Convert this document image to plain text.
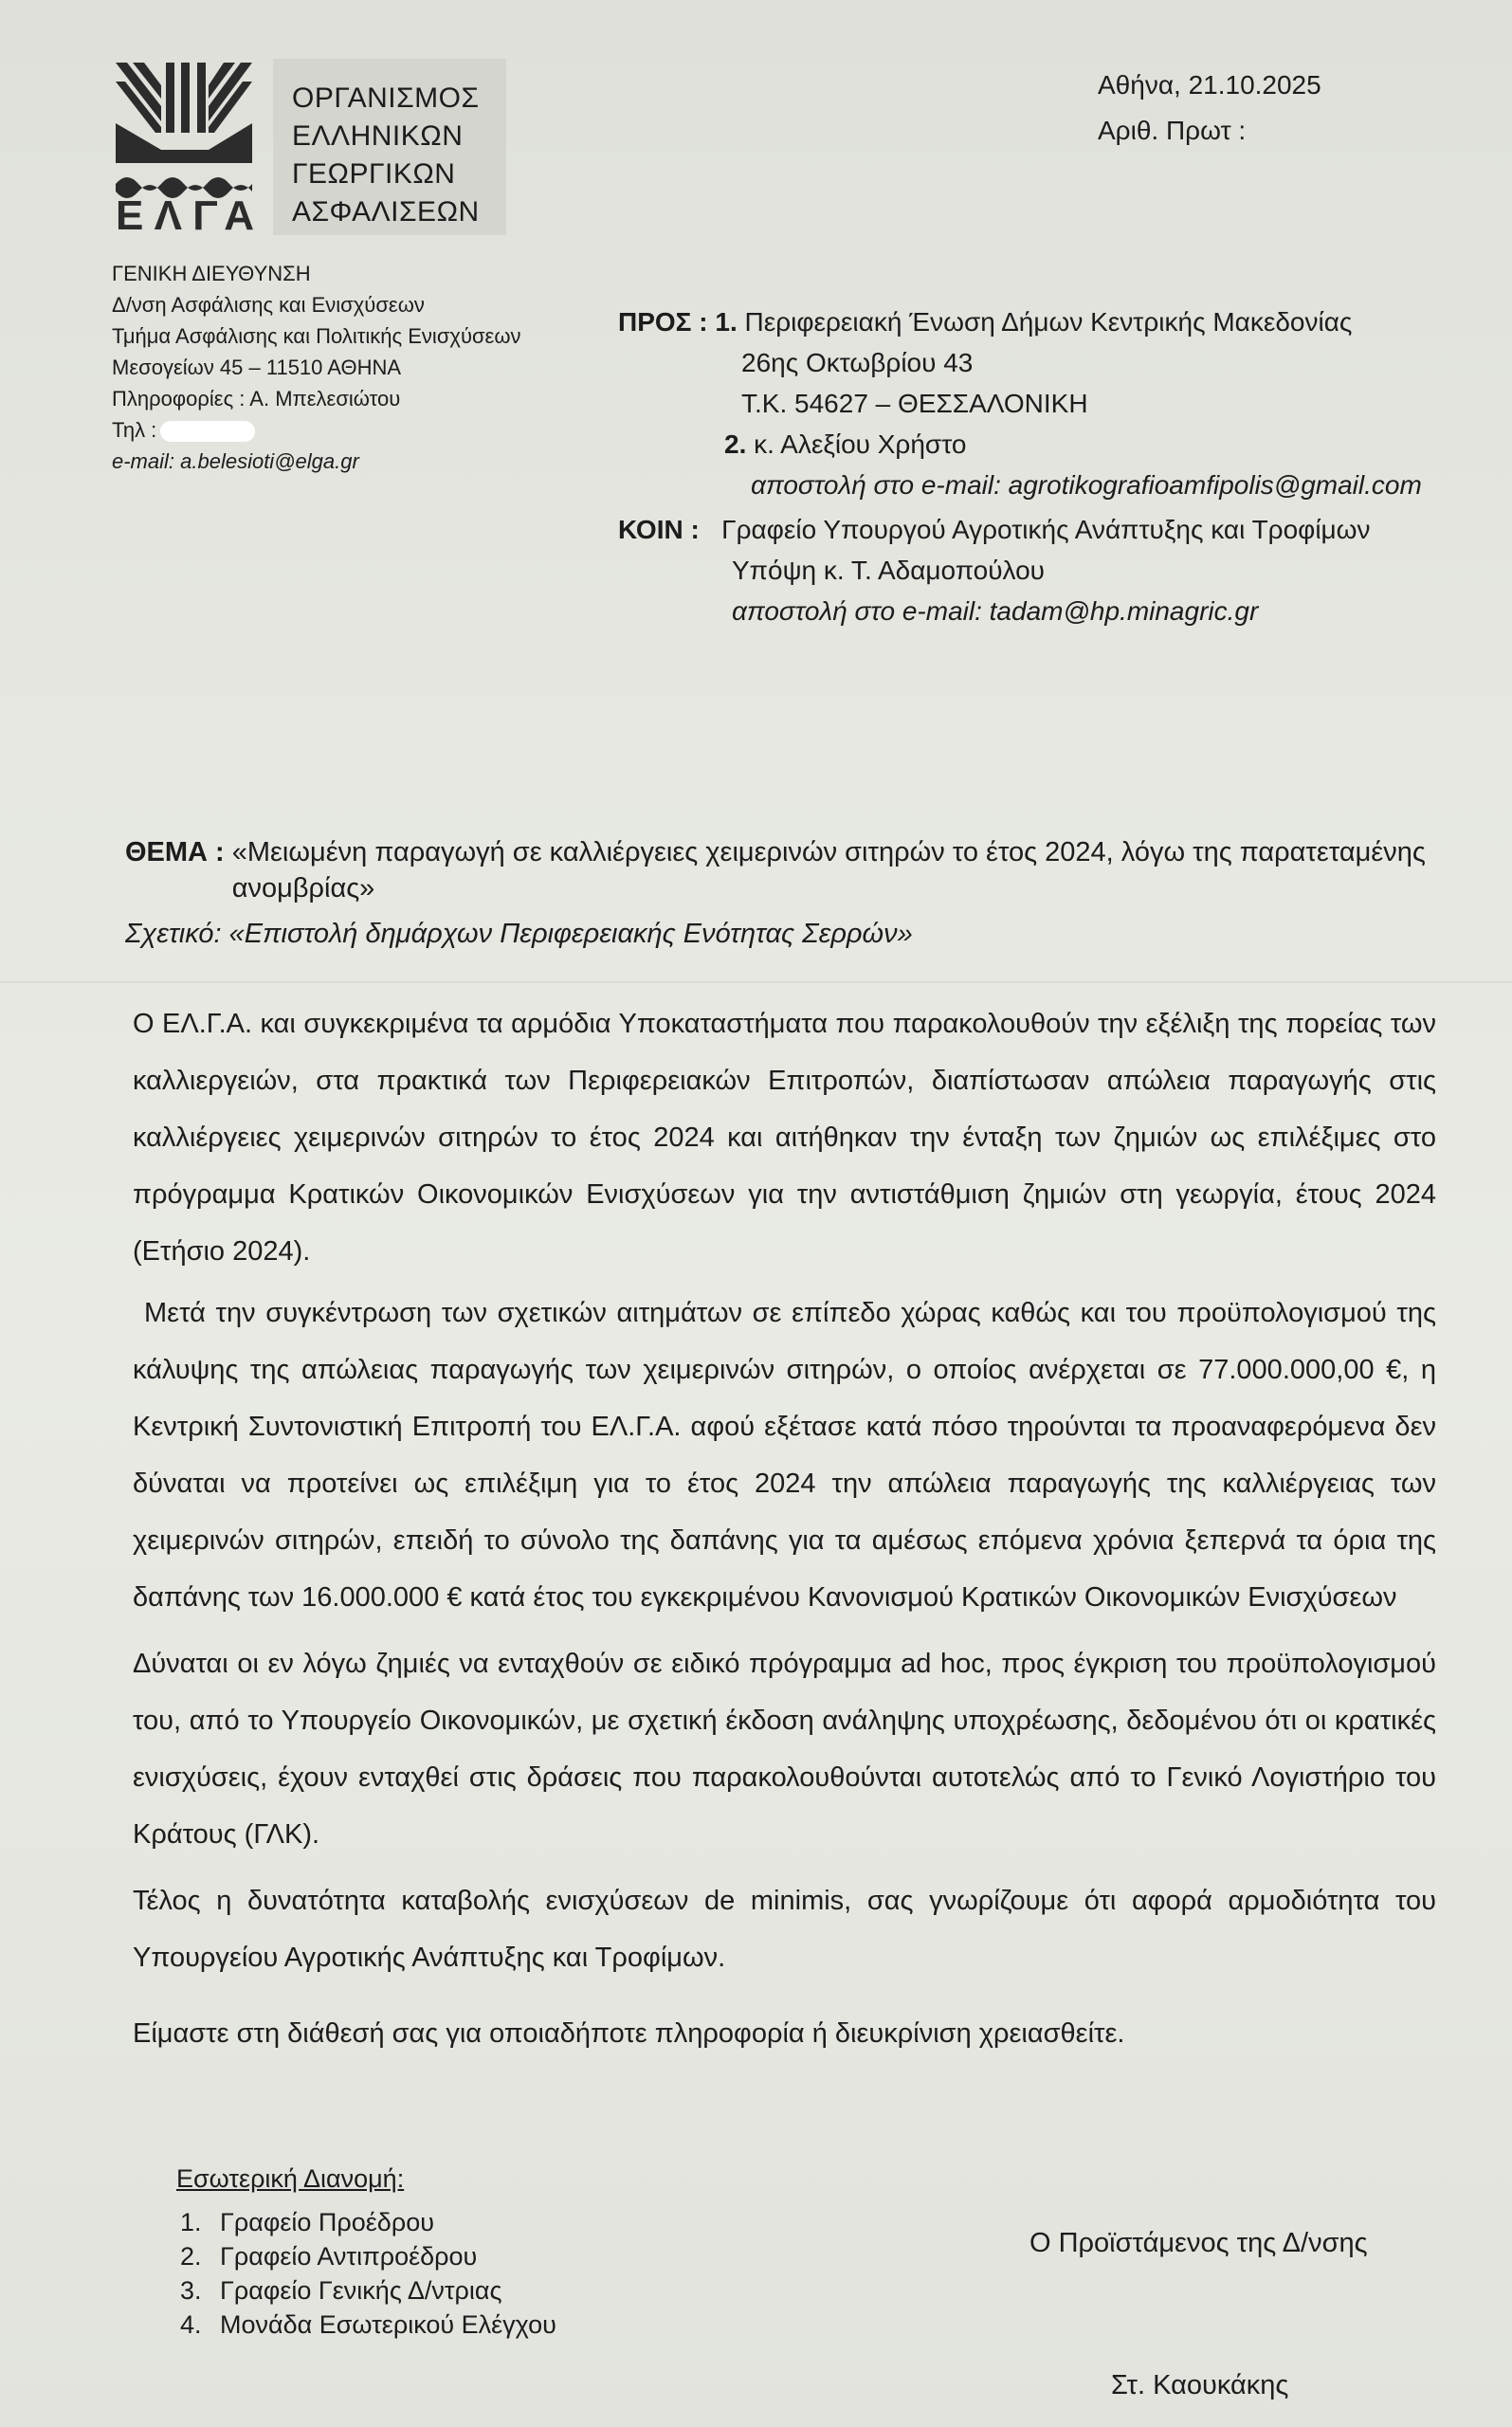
ΕΛΓΑ
ΟΡΓΑΝΙΣΜΟΣ
ΕΛΛΗΝΙΚΩΝ
ΓΕΩΡΓΙΚΩΝ
ΑΣΦΑΛΙΣΕΩΝ
Αθήνα, 21.10.2025
Αριθ. Πρωτ :
ΓΕΝΙΚΗ ΔΙΕΥΘΥΝΣΗ
Δ/νση Ασφάλισης και Ενισχύσεων
Τμήμα Ασφάλισης και Πολιτικής Ενισχύσεων
Μεσογείων 45 – 11510 ΑΘΗΝΑ
Πληροφορίες : Α. Μπελεσιώτου
Τηλ :
e-mail: a.belesioti@elga.gr
ΠΡΟΣ : 1. Περιφερειακή Ένωση Δήμων Κεντρικής Μακεδονίας
26ης Οκτωβρίου 43
Τ.Κ. 54627 – ΘΕΣΣΑΛΟΝΙΚΗ
2. κ. Αλεξίου Χρήστο
αποστολή στο e-mail: agrotikografioamfipolis@gmail.com
ΚΟΙΝ : Γραφείο Υπουργού Αγροτικής Ανάπτυξης και Τροφίμων
Υπόψη κ. Τ. Αδαμοπούλου
αποστολή στο e-mail: tadam@hp.minagric.gr
ΘΕΜΑ : «Μειωμένη παραγωγή σε καλλιέργειες χειμερινών σιτηρών το έτος 2024, λόγω της παρατεταμένης ανομβρίας»
Σχετικό: «Επιστολή δημάρχων Περιφερειακής Ενότητας Σερρών»
Ο ΕΛ.Γ.Α. και συγκεκριμένα τα αρμόδια Υποκαταστήματα που παρακολουθούν την εξέλιξη της πορείας των καλλιεργειών, στα πρακτικά των Περιφερειακών Επιτροπών, διαπίστωσαν απώλεια παραγωγής στις καλλιέργειες χειμερινών σιτηρών το έτος 2024 και αιτήθηκαν την ένταξη των ζημιών ως επιλέξιμες στο πρόγραμμα Κρατικών Οικονομικών Ενισχύσεων για την αντιστάθμιση ζημιών στη γεωργία, έτους 2024 (Ετήσιο 2024).
Μετά την συγκέντρωση των σχετικών αιτημάτων σε επίπεδο χώρας καθώς και του προϋπολογισμού της κάλυψης της απώλειας παραγωγής των χειμερινών σιτηρών, ο οποίος ανέρχεται σε 77.000.000,00 €, η Κεντρική Συντονιστική Επιτροπή του ΕΛ.Γ.Α. αφού εξέτασε κατά πόσο τηρούνται τα προαναφερόμενα δεν δύναται να προτείνει ως επιλέξιμη για το έτος 2024 την απώλεια παραγωγής της καλλιέργειας των χειμερινών σιτηρών, επειδή το σύνολο της δαπάνης για τα αμέσως επόμενα χρόνια ξεπερνά τα όρια της δαπάνης των 16.000.000 € κατά έτος του εγκεκριμένου Κανονισμού Κρατικών Οικονομικών Ενισχύσεων
Δύναται οι εν λόγω ζημιές να ενταχθούν σε ειδικό πρόγραμμα ad hoc, προς έγκριση του προϋπολογισμού του, από το Υπουργείο Οικονομικών, με σχετική έκδοση ανάληψης υποχρέωσης, δεδομένου ότι οι κρατικές ενισχύσεις, έχουν ενταχθεί στις δράσεις που παρακολουθούνται αυτοτελώς από το Γενικό Λογιστήριο του Κράτους (ΓΛΚ).
Τέλος η δυνατότητα καταβολής ενισχύσεων de minimis, σας γνωρίζουμε ότι αφορά αρμοδιότητα του Υπουργείου Αγροτικής Ανάπτυξης και Τροφίμων.
Είμαστε στη διάθεσή σας για οποιαδήποτε πληροφορία ή διευκρίνιση χρειασθείτε.
Εσωτερική Διανομή:
1. Γραφείο Προέδρου
2. Γραφείο Αντιπροέδρου
3. Γραφείο Γενικής Δ/ντριας
4. Μονάδα Εσωτερικού Ελέγχου
Ο Προϊστάμενος της Δ/νσης
Στ. Καουκάκης
